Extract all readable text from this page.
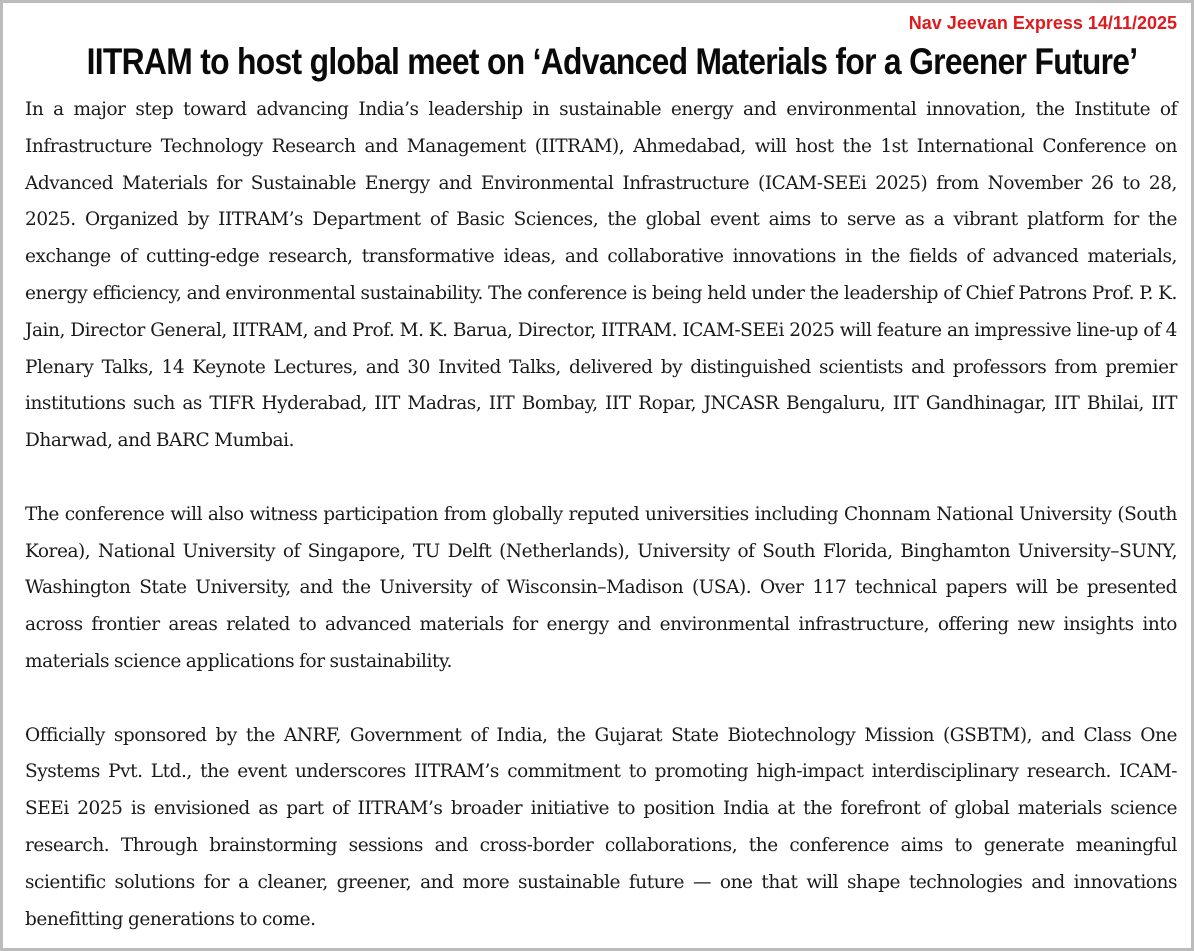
Nav Jeevan Express 14/11/2025
IITRAM to host global meet on ‘Advanced Materials for a Greener Future’

In a major step toward advancing India’s leadership in sustainable energy and environmental innovation, the Institute of Infrastructure Technology Research and Management (IITRAM), Ahmedabad, will host the 1st International Conference on Advanced Materials for Sustainable Energy and Environmental Infrastructure (ICAM-SEEi 2025) from November 26 to 28, 2025. Organized by IITRAM’s Department of Basic Sciences, the global event aims to serve as a vibrant platform for the exchange of cutting-edge research, transformative ideas, and collaborative innovations in the fields of advanced materials, energy efficiency, and environmental sustainability. The conference is being held under the leadership of Chief Patrons Prof. P. K. Jain, Director General, IITRAM, and Prof. M. K. Barua, Director, IITRAM. ICAM-SEEi 2025 will feature an impressive line-up of 4 Plenary Talks, 14 Keynote Lectures, and 30 Invited Talks, delivered by distinguished scientists and professors from premier institutions such as TIFR Hyderabad, IIT Madras, IIT Bombay, IIT Ropar, JNCASR Bengaluru, IIT Gandhinagar, IIT Bhilai, IIT Dharwad, and BARC Mumbai.

The conference will also witness participation from globally reputed universities including Chonnam National University (South Korea), National University of Singapore, TU Delft (Netherlands), University of South Florida, Binghamton University–SUNY, Washington State University, and the University of Wisconsin–Madison (USA). Over 117 technical papers will be presented across frontier areas related to advanced materials for energy and environmental infrastructure, offering new insights into materials science applications for sustainability.

Officially sponsored by the ANRF, Government of India, the Gujarat State Biotechnology Mission (GSBTM), and Class One Systems Pvt. Ltd., the event underscores IITRAM’s commitment to promoting high-impact interdisciplinary research. ICAM-SEEi 2025 is envisioned as part of IITRAM’s broader initiative to position India at the forefront of global materials science research. Through brainstorming sessions and cross-border collaborations, the conference aims to generate meaningful scientific solutions for a cleaner, greener, and more sustainable future — one that will shape technologies and innovations benefitting generations to come.
